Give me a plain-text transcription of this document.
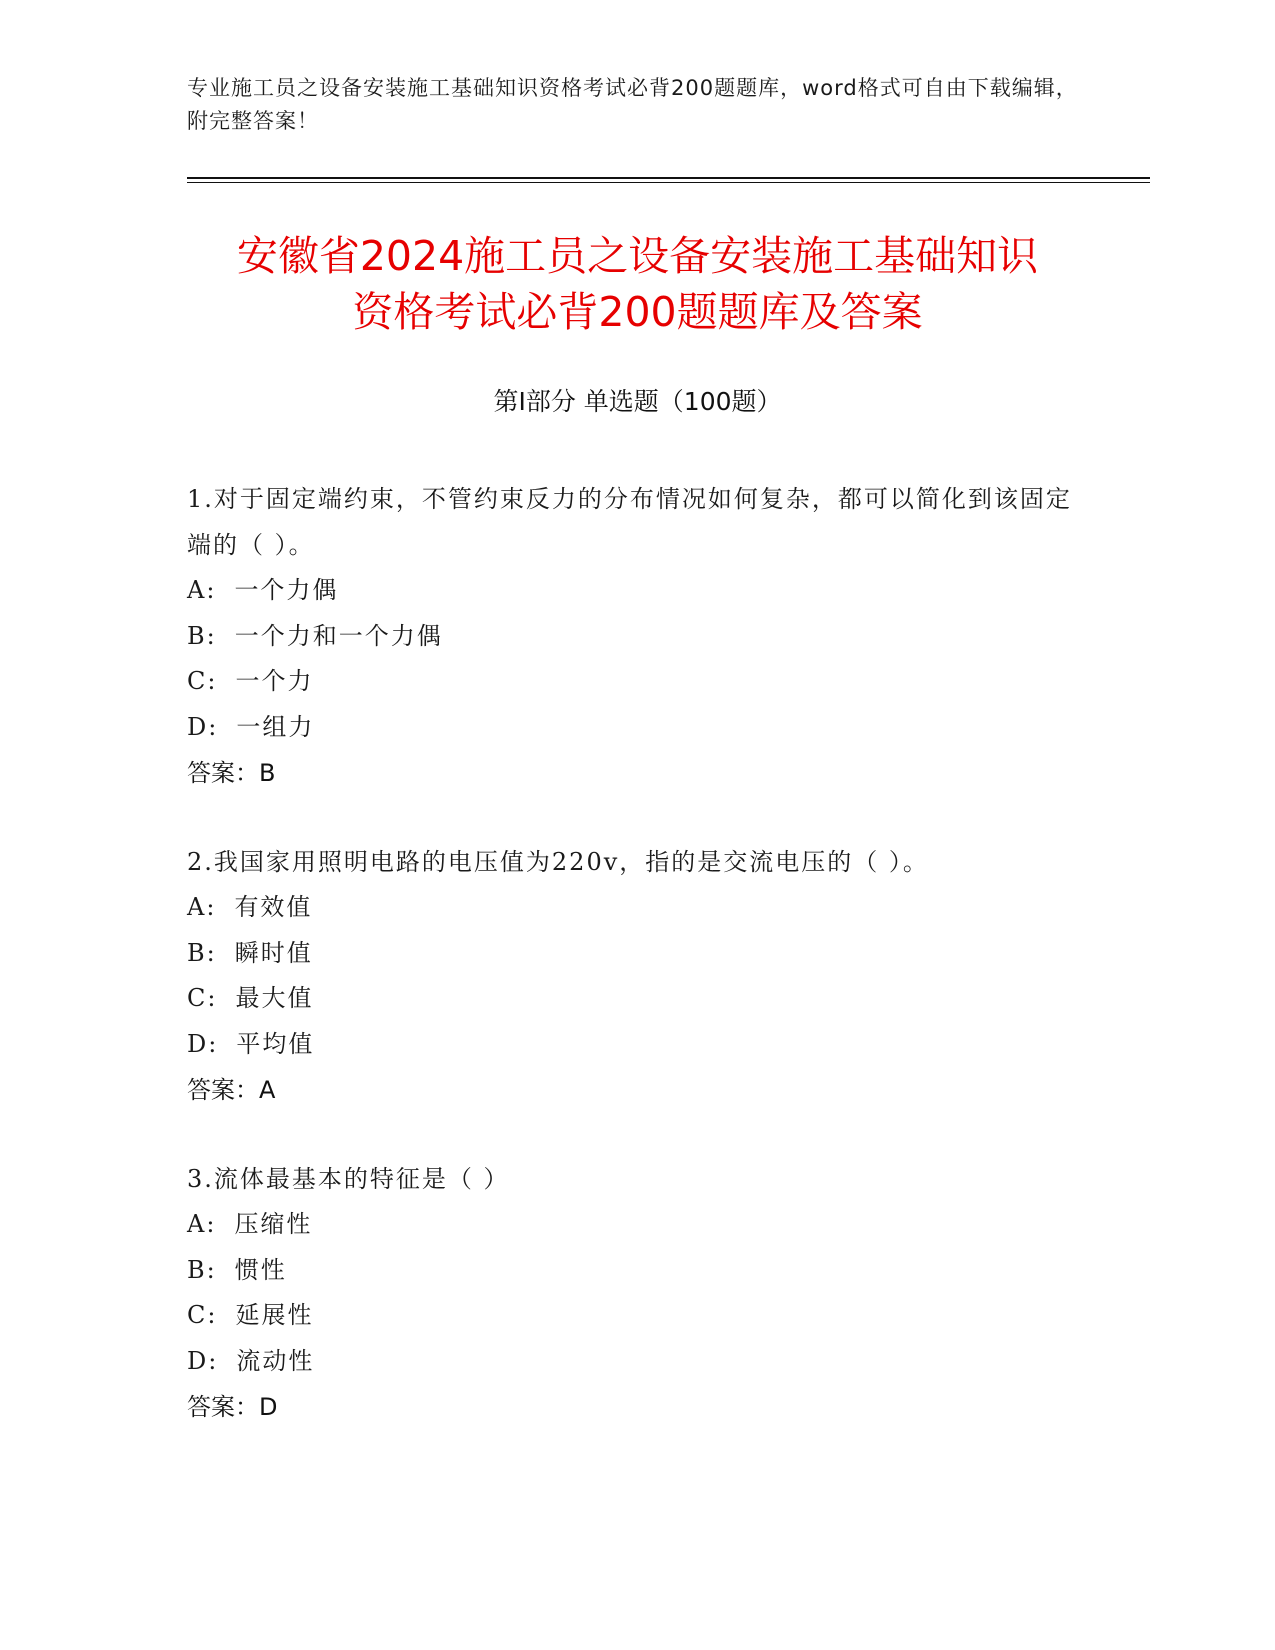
专业施工员之设备安装施工基础知识资格考试必背200题题库，word格式可自由下载编辑，附完整答案！
安徽省2024施工员之设备安装施工基础知识
资格考试必背200题题库及答案
第I部分 单选题（100题）
1.对于固定端约束，不管约束反力的分布情况如何复杂，都可以简化到该固定端的（ ）。
A: 一个力偶
B: 一个力和一个力偶
C: 一个力
D: 一组力
答案：B
2.我国家用照明电路的电压值为220v，指的是交流电压的（ ）。
A: 有效值
B: 瞬时值
C: 最大值
D: 平均值
答案：A
3.流体最基本的特征是（ ）
A: 压缩性
B: 惯性
C: 延展性
D: 流动性
答案：D
